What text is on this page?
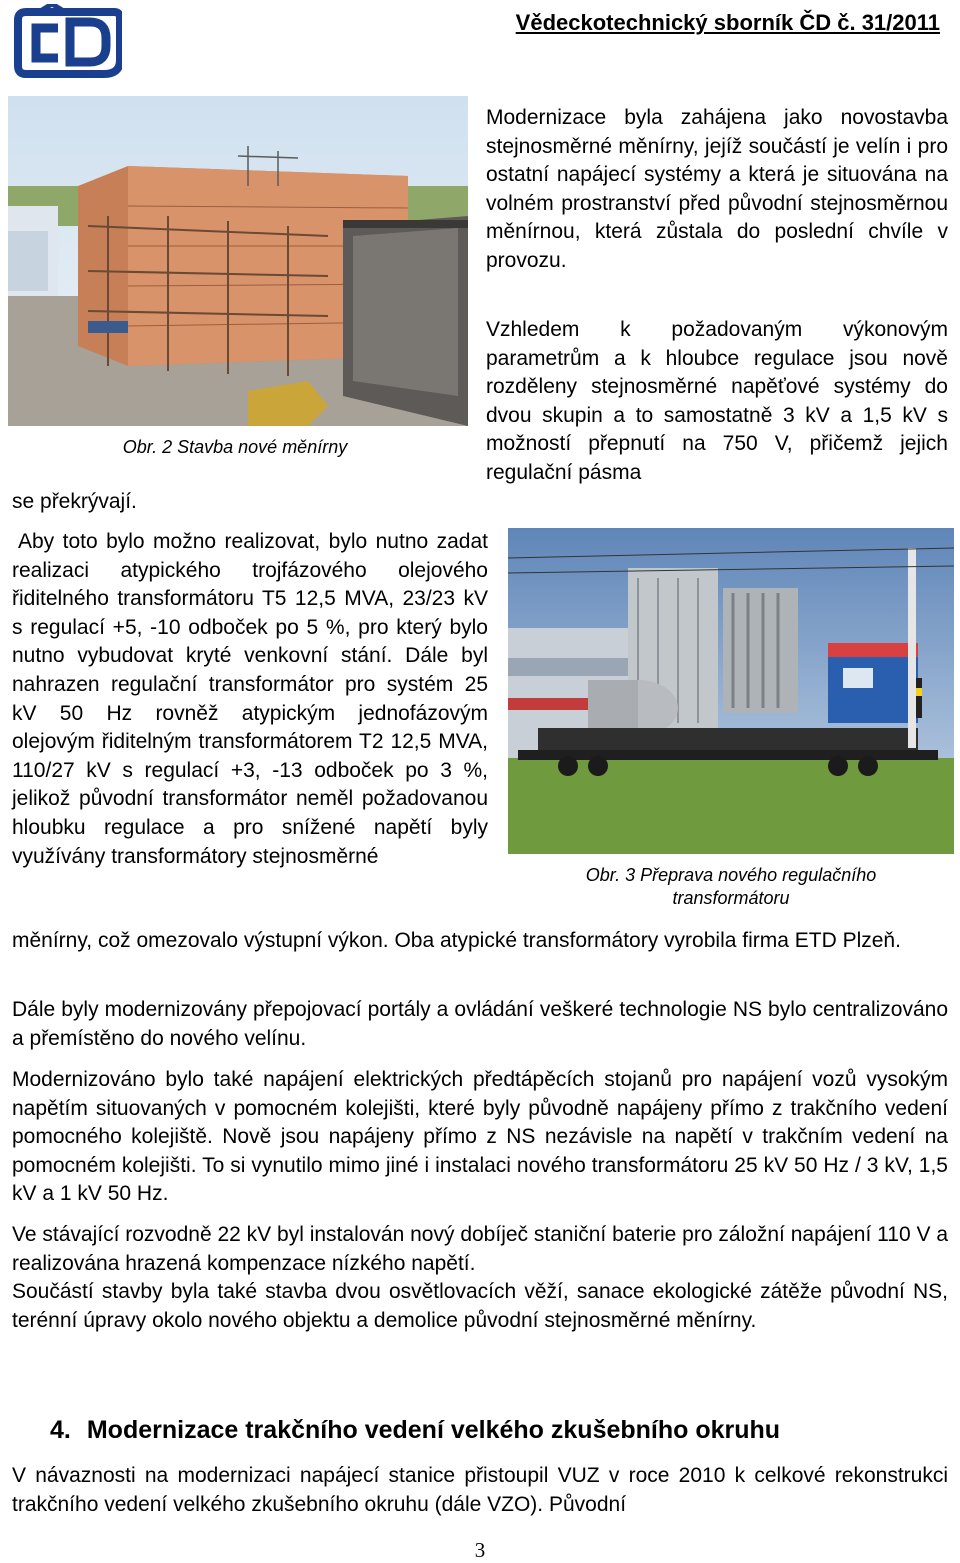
Vědeckotechnický sborník ČD č. 31/2011
Obr. 2 Stavba nové měnírny
Modernizace byla zahájena jako novostavba stejnosměrné měnírny, jejíž součástí je velín i pro ostatní napájecí systémy a která je situována na volném prostranství před původní stejnosměrnou měnírnou, která zůstala do poslední chvíle v provozu.
Vzhledem k požadovaným výkonovým parametrům a k hloubce regulace jsou nově rozděleny stejnosměrné napěťové systémy do dvou skupin a to samostatně 3 kV a 1,5 kV s možností přepnutí na 750 V, přičemž jejich regulační pásma
se překrývají.
Aby toto bylo možno realizovat, bylo nutno zadat realizaci atypického trojfázového olejového řiditelného transformátoru T5 12,5 MVA, 23/23 kV s regulací +5, -10 odboček po 5 %, pro který bylo nutno vybudovat kryté venkovní stání. Dále byl nahrazen regulační transformátor pro systém 25 kV 50 Hz rovněž atypickým jednofázovým olejovým řiditelným transformátorem T2 12,5 MVA, 110/27 kV s regulací +3, -13 odboček po 3 %, jelikož původní transformátor neměl požadovanou hloubku regulace a pro snížené napětí byly využívány transformátory stejnosměrné
Obr. 3 Přeprava nového regulačního
transformátoru
měnírny, což omezovalo výstupní výkon. Oba atypické transformátory vyrobila firma ETD Plzeň.
Dále byly modernizovány přepojovací portály a ovládání veškeré technologie NS bylo centralizováno a přemístěno do nového velínu.
Modernizováno bylo také napájení elektrických předtápěcích stojanů pro napájení vozů vysokým napětím situovaných v pomocném kolejišti, které byly původně napájeny přímo z trakčního vedení pomocného kolejiště. Nově jsou napájeny přímo z NS nezávisle na napětí v trakčním vedení na pomocném kolejišti. To si vynutilo mimo jiné i instalaci nového transformátoru 25 kV 50 Hz / 3 kV, 1,5 kV a 1 kV 50 Hz.
Ve stávající rozvodně 22 kV byl instalován nový dobíječ staniční baterie pro záložní napájení 110 V a realizována hrazená kompenzace nízkého napětí.
Součástí stavby byla také stavba dvou osvětlovacích věží, sanace ekologické zátěže původní NS, terénní úpravy okolo nového objektu a demolice původní stejnosměrné měnírny.
4. Modernizace trakčního vedení velkého zkušebního okruhu
V návaznosti na modernizaci napájecí stanice přistoupil VUZ v roce 2010 k celkové rekonstrukci trakčního vedení velkého zkušebního okruhu (dále VZO). Původní
3
